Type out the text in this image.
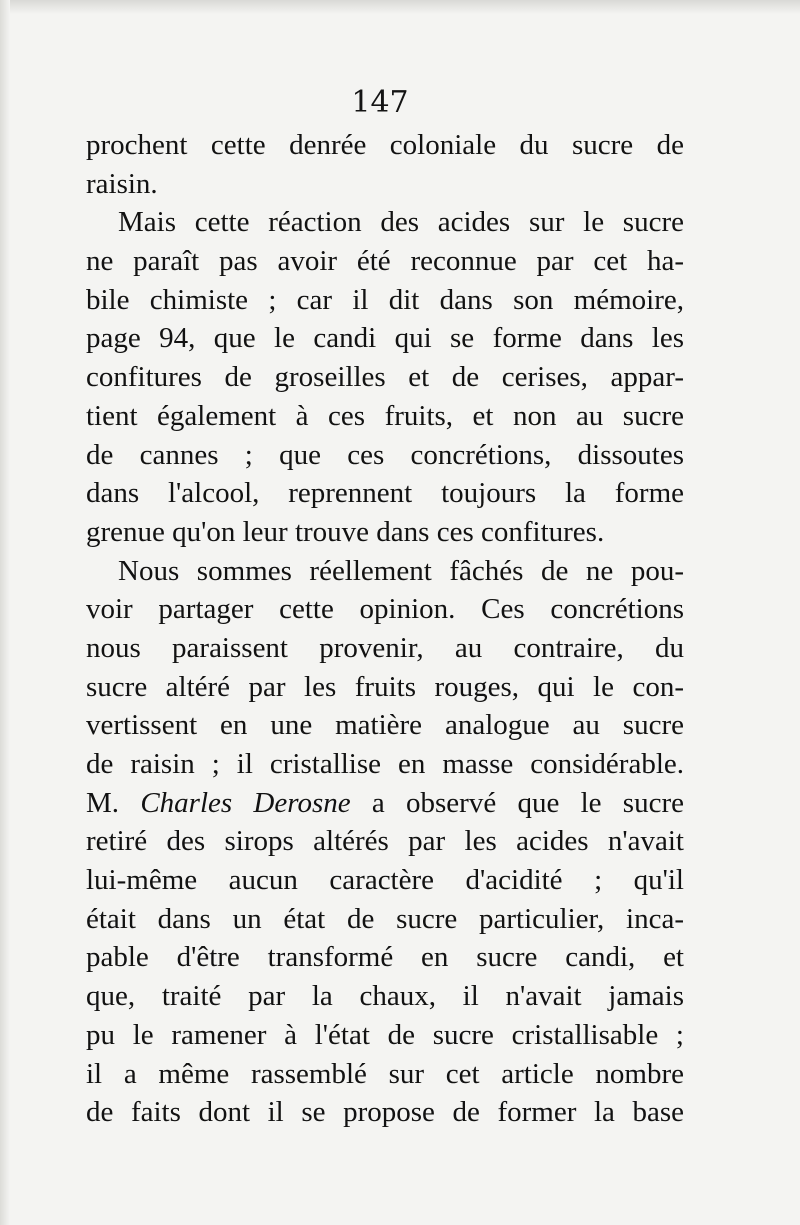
147
prochent cette denrée coloniale du sucre de
raisin.
Mais cette réaction des acides sur le sucre
ne paraît pas avoir été reconnue par cet ha-
bile chimiste ; car il dit dans son mémoire,
page 94, que le candi qui se forme dans les
confitures de groseilles et de cerises, appar-
tient également à ces fruits, et non au sucre
de cannes ; que ces concrétions, dissoutes
dans l'alcool, reprennent toujours la forme
grenue qu'on leur trouve dans ces confitures.
Nous sommes réellement fâchés de ne pou-
voir partager cette opinion. Ces concrétions
nous paraissent provenir, au contraire, du
sucre altéré par les fruits rouges, qui le con-
vertissent en une matière analogue au sucre
de raisin ; il cristallise en masse considérable.
M. Charles Derosne a observé que le sucre
retiré des sirops altérés par les acides n'avait
lui-même aucun caractère d'acidité ; qu'il
était dans un état de sucre particulier, inca-
pable d'être transformé en sucre candi, et
que, traité par la chaux, il n'avait jamais
pu le ramener à l'état de sucre cristallisable ;
il a même rassemblé sur cet article nombre
de faits dont il se propose de former la base
